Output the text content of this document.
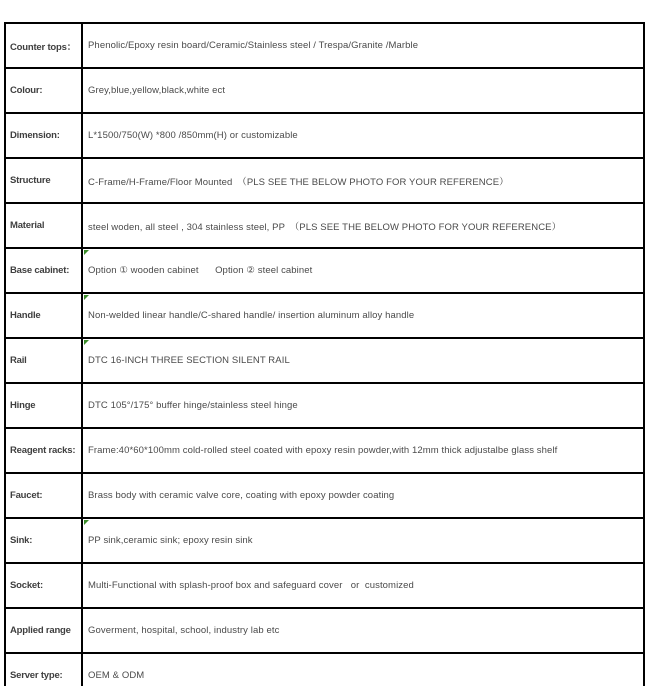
Counter tops：	Phenolic/Epoxy resin board/Ceramic/Stainless steel / Trespa/Granite /Marble
Colour:	Grey,blue,yellow,black,white ect
Dimension:	L*1500/750(W) *800 /850mm(H) or customizable
Structure	C-Frame/H-Frame/Floor Mounted　（PLS SEE THE BELOW PHOTO FOR YOUR REFERENCE）
Material	steel woden, all steel , 304 stainless steel, PP　（PLS SEE THE BELOW PHOTO FOR YOUR REFERENCE）
Base cabinet:	Option ① wooden cabinet      Option ② steel cabinet
Handle	Non-welded linear handle/C-shared handle/ insertion aluminum alloy handle
Rail	DTC 16-INCH THREE SECTION SILENT RAIL
Hinge	DTC 105°/175° buffer hinge/stainless steel hinge
Reagent racks:	Frame:40*60*100mm cold-rolled steel coated with epoxy resin powder,with 12mm thick adjustalbe glass shelf
Faucet:	Brass body with ceramic valve core, coating with epoxy powder coating
Sink:	PP sink,ceramic sink; epoxy resin sink
Socket:	Multi-Functional with splash-proof box and safeguard cover   or  customized
Applied range	Goverment, hospital, school, industry lab etc
Server type:	OEM & ODM
